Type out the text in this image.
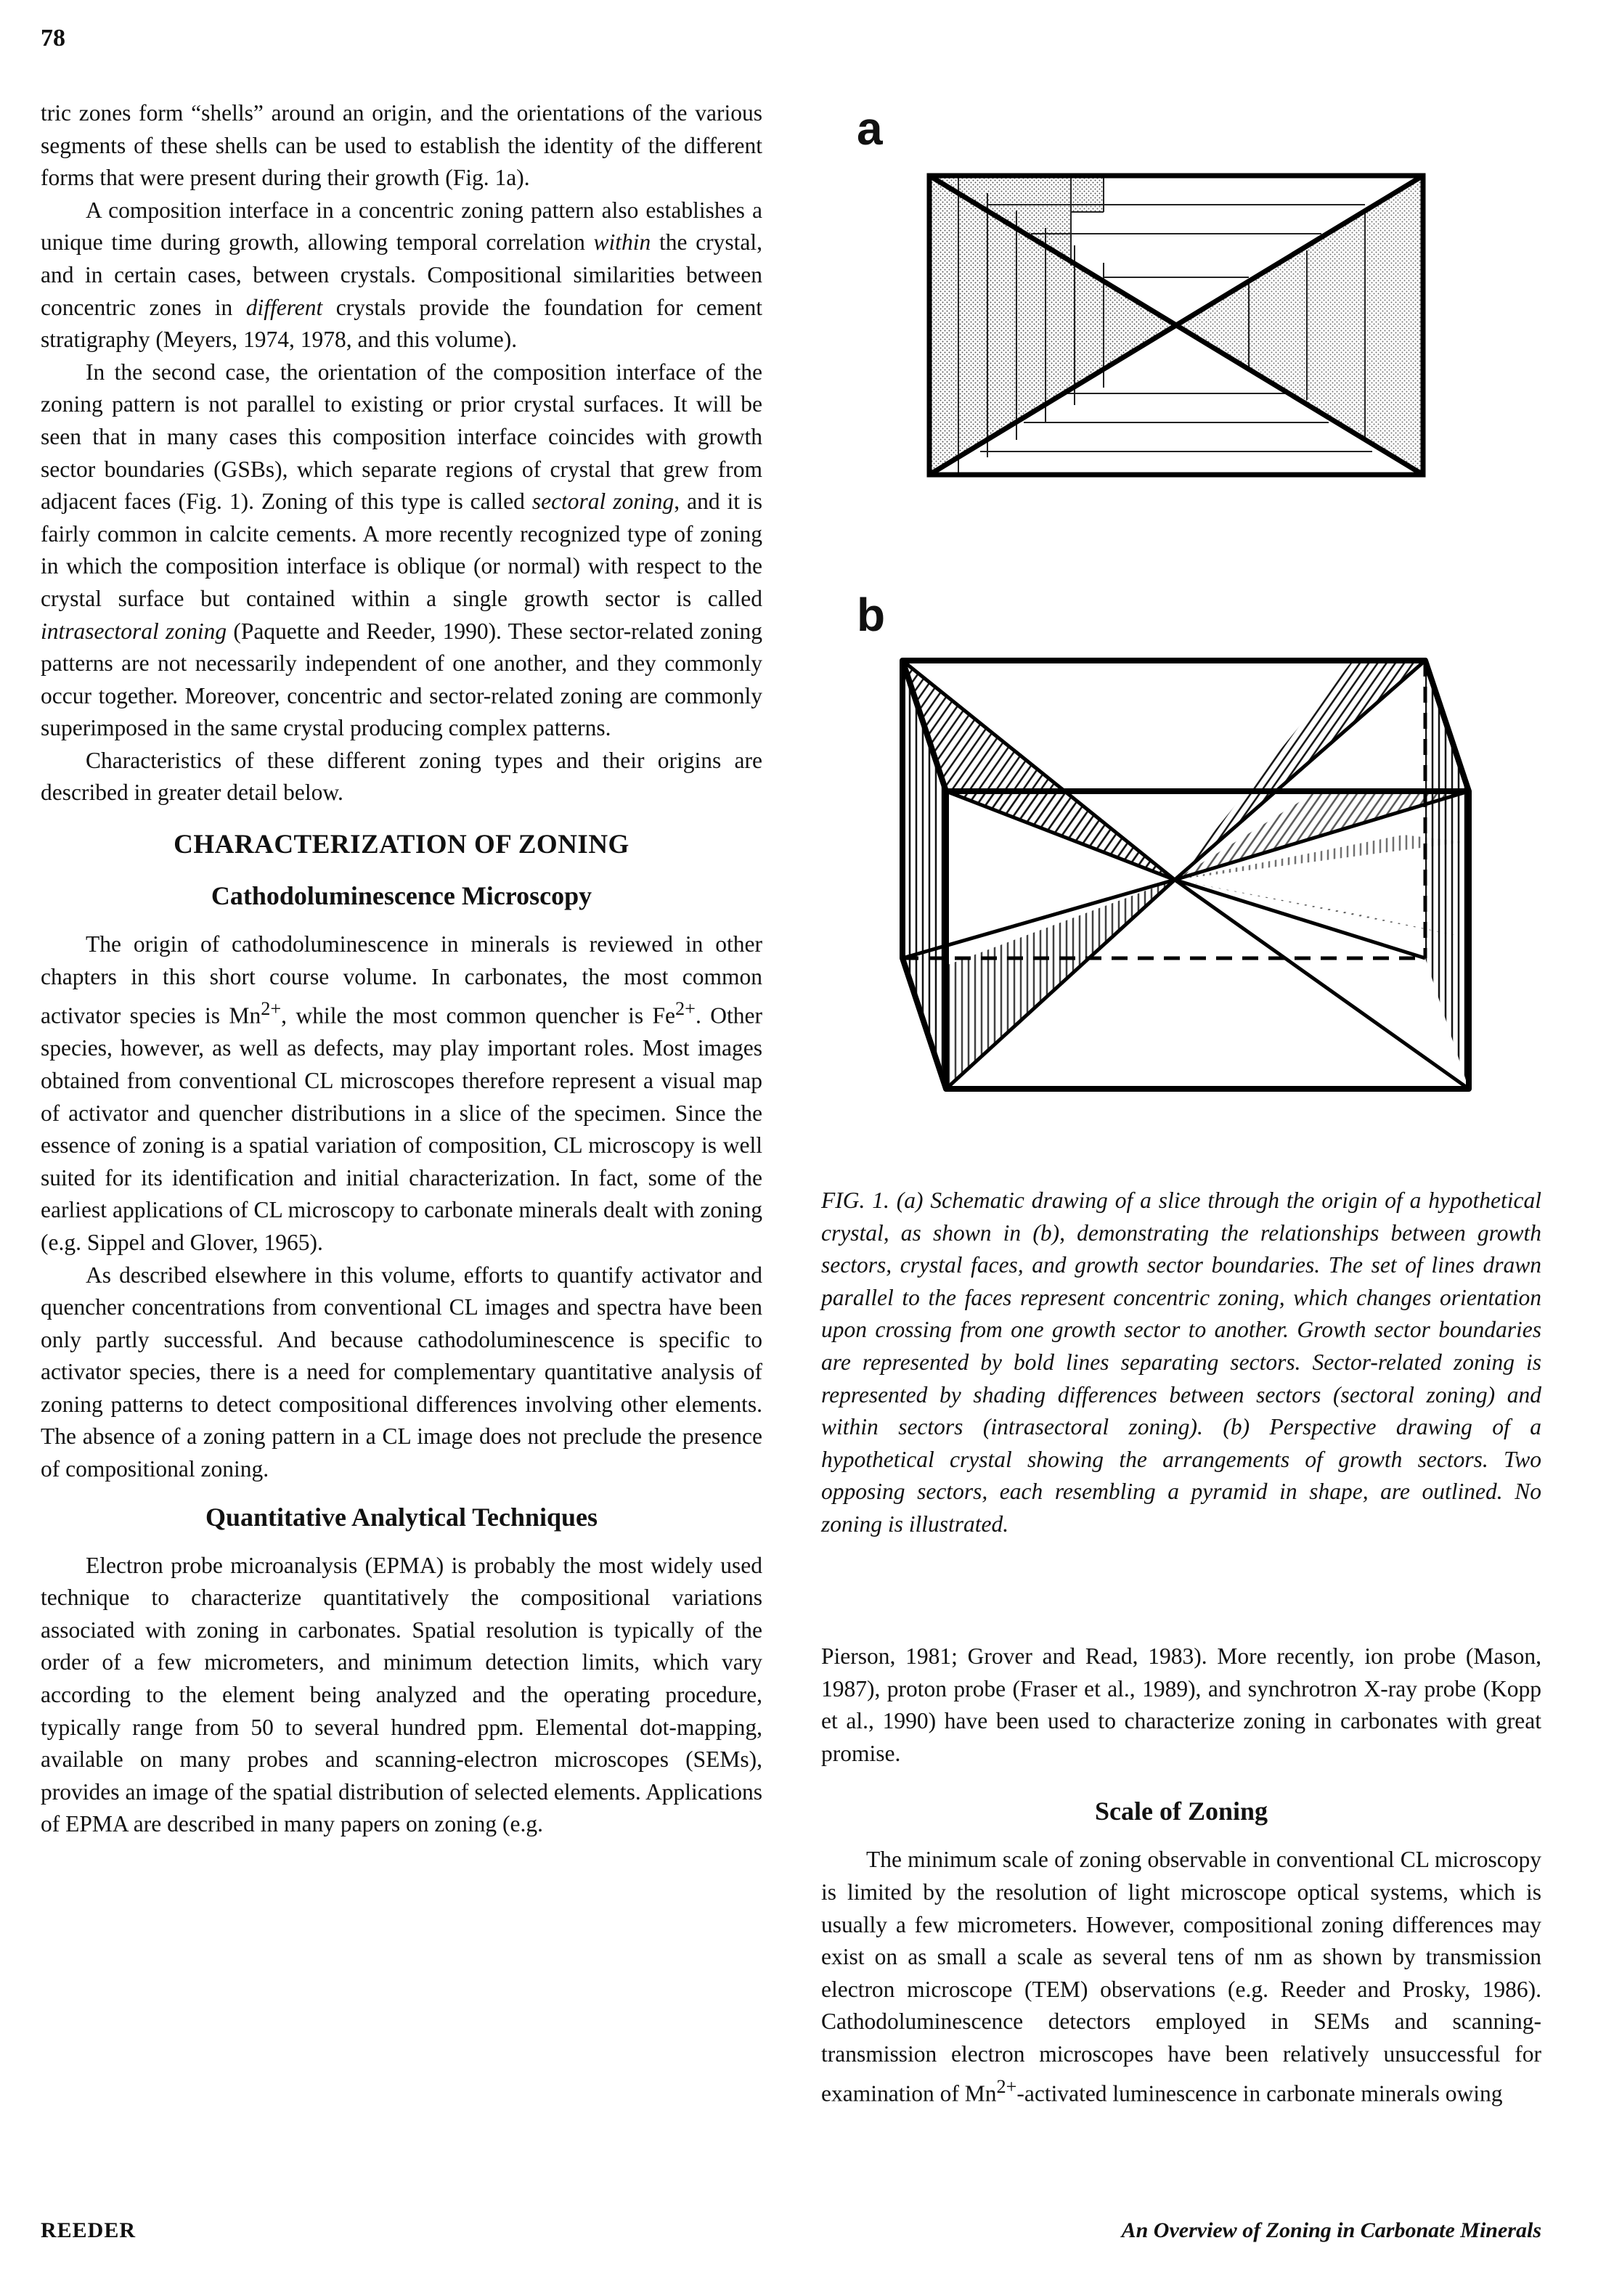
78

tric zones form “shells” around an origin, and the orientations of the various segments of these shells can be used to establish the identity of the different forms that were present during their growth (Fig. 1a).

A composition interface in a concentric zoning pattern also establishes a unique time during growth, allowing temporal correlation within the crystal, and in certain cases, between crystals. Compositional similarities between concentric zones in different crystals provide the foundation for cement stratigraphy (Meyers, 1974, 1978, and this volume).

In the second case, the orientation of the composition interface of the zoning pattern is not parallel to existing or prior crystal surfaces. It will be seen that in many cases this composition interface coincides with growth sector boundaries (GSBs), which separate regions of crystal that grew from adjacent faces (Fig. 1). Zoning of this type is called sectoral zoning, and it is fairly common in calcite cements. A more recently recognized type of zoning in which the composition interface is oblique (or normal) with respect to the crystal surface but contained within a single growth sector is called intrasectoral zoning (Paquette and Reeder, 1990). These sector-related zoning patterns are not necessarily independent of one another, and they commonly occur together. Moreover, concentric and sector-related zoning are commonly superimposed in the same crystal producing complex patterns.

Characteristics of these different zoning types and their origins are described in greater detail below.

CHARACTERIZATION OF ZONING
Cathodoluminescence Microscopy

The origin of cathodoluminescence in minerals is reviewed in other chapters in this short course volume. In carbonates, the most common activator species is $Mn^{2+}$, while the most common quencher is $Fe^{2+}$. Other species, however, as well as defects, may play important roles. Most images obtained from conventional CL microscopes therefore represent a visual map of activator and quencher distributions in a slice of the specimen. Since the essence of zoning is a spatial variation of composition, CL microscopy is well suited for its identification and initial characterization. In fact, some of the earliest applications of CL microscopy to carbonate minerals dealt with zoning (e.g. Sippel and Glover, 1965).

As described elsewhere in this volume, efforts to quantify activator and quencher concentrations from conventional CL images and spectra have been only partly successful. And because cathodoluminescence is specific to activator species, there is a need for complementary quantitative analysis of zoning patterns to detect compositional differences involving other elements. The absence of a zoning pattern in a CL image does not preclude the presence of compositional zoning.

Quantitative Analytical Techniques

Electron probe microanalysis (EPMA) is probably the most widely used technique to characterize quantitatively the compositional variations associated with zoning in carbonates. Spatial resolution is typically of the order of a few micrometers, and minimum detection limits, which vary according to the element being analyzed and the operating procedure, typically range from 50 to several hundred ppm. Elemental dot-mapping, available on many probes and scanning-electron microscopes (SEMs), provides an image of the spatial distribution of selected elements. Applications of EPMA are described in many papers on zoning (e.g.

a
b
FIG. 1. (a) Schematic drawing of a slice through the origin of a hypothetical crystal, as shown in (b), demonstrating the relationships between growth sectors, crystal faces, and growth sector boundaries. The set of lines drawn parallel to the faces represent concentric zoning, which changes orientation upon crossing from one growth sector to another. Growth sector boundaries are represented by bold lines separating sectors. Sector-related zoning is represented by shading differences between sectors (sectoral zoning) and within sectors (intrasectoral zoning). (b) Perspective drawing of a hypothetical crystal showing the arrangements of growth sectors. Two opposing sectors, each resembling a pyramid in shape, are outlined. No zoning is illustrated.

Pierson, 1981; Grover and Read, 1983). More recently, ion probe (Mason, 1987), proton probe (Fraser et al., 1989), and synchrotron X-ray probe (Kopp et al., 1990) have been used to characterize zoning in carbonates with great promise.

Scale of Zoning

The minimum scale of zoning observable in conventional CL microscopy is limited by the resolution of light microscope optical systems, which is usually a few micrometers. However, compositional zoning differences may exist on as small a scale as several tens of nm as shown by transmission electron microscope (TEM) observations (e.g. Reeder and Prosky, 1986). Cathodoluminescence detectors employed in SEMs and scanning-transmission electron microscopes have been relatively unsuccessful for examination of $Mn^{2+}$-activated luminescence in carbonate minerals owing

REEDER	An Overview of Zoning in Carbonate Minerals
